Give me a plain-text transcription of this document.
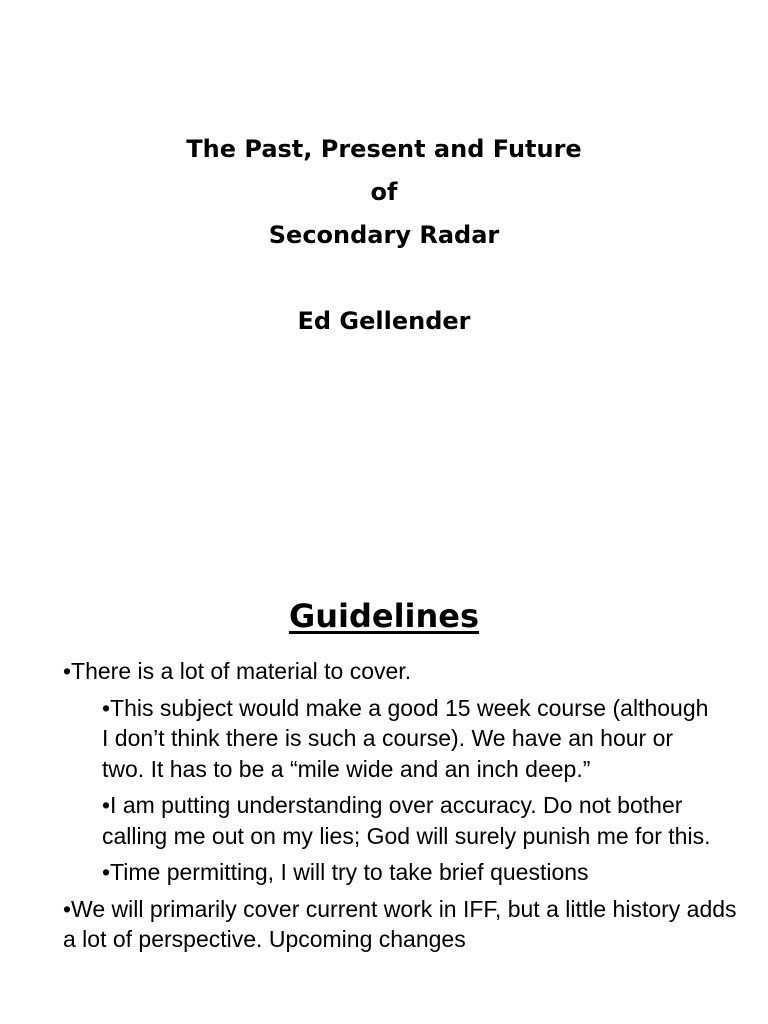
The Past, Present and Future
of
Secondary Radar
Ed Gellender
Guidelines
•There is a lot of material to cover.
•This subject would make a good 15 week course (although I don’t think there is such a course). We have an hour or two. It has to be a “mile wide and an inch deep.”
•I am putting understanding over accuracy. Do not bother calling me out on my lies; God will surely punish me for this.
•Time permitting, I will try to take brief questions
•We will primarily cover current work in IFF, but a little history adds a lot of perspective. Upcoming changes
